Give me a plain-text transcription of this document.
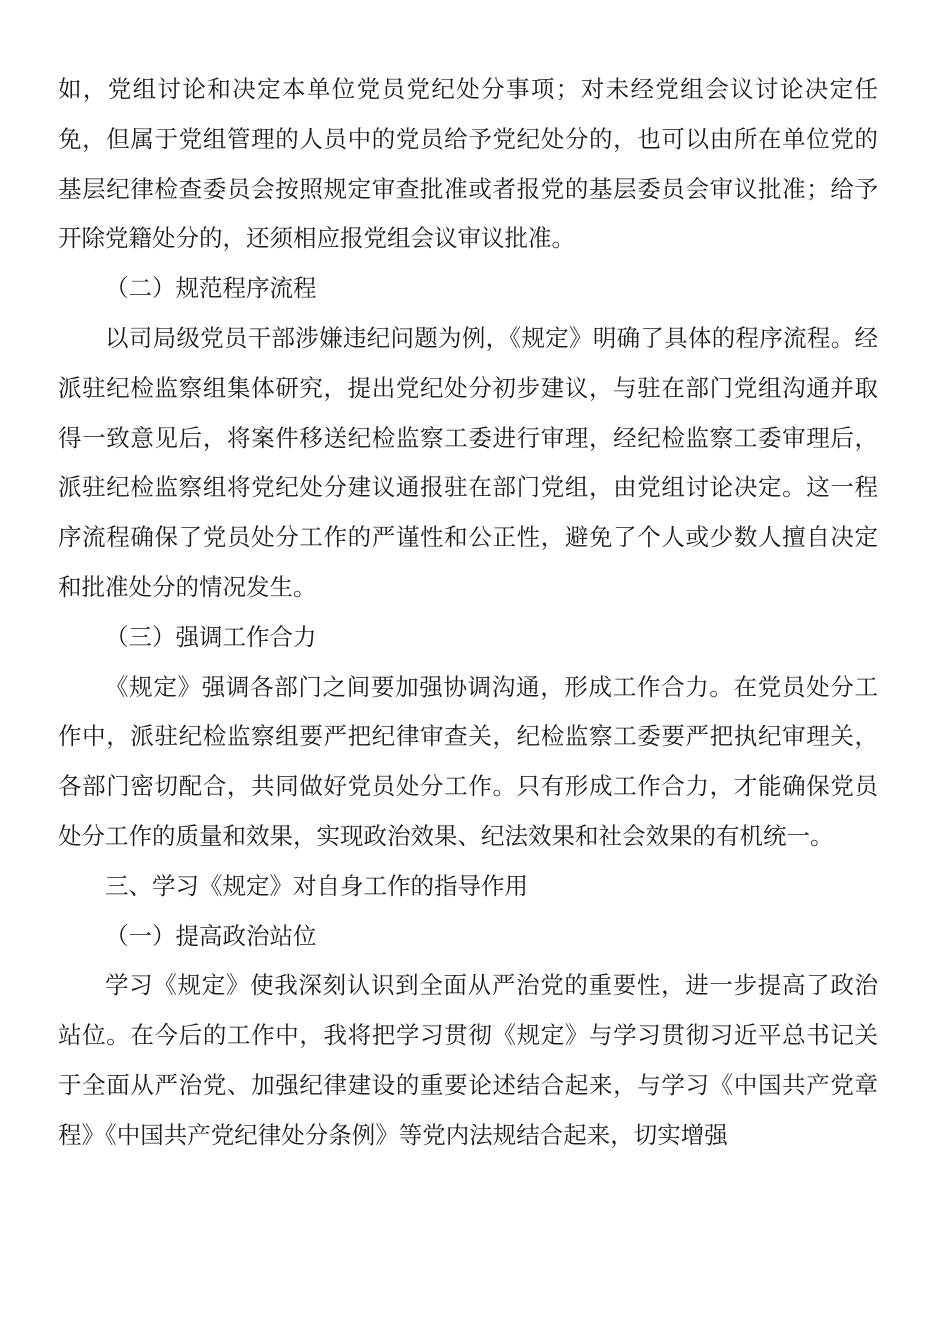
如，党组讨论和决定本单位党员党纪处分事项；对未经党组会议讨论决定任免，但属于党组管理的人员中的党员给予党纪处分的，也可以由所在单位党的基层纪律检查委员会按照规定审查批准或者报党的基层委员会审议批准；给予开除党籍处分的，还须相应报党组会议审议批准。

（二）规范程序流程

以司局级党员干部涉嫌违纪问题为例，《规定》明确了具体的程序流程。经派驻纪检监察组集体研究，提出党纪处分初步建议，与驻在部门党组沟通并取得一致意见后，将案件移送纪检监察工委进行审理，经纪检监察工委审理后，派驻纪检监察组将党纪处分建议通报驻在部门党组，由党组讨论决定。这一程序流程确保了党员处分工作的严谨性和公正性，避免了个人或少数人擅自决定和批准处分的情况发生。

（三）强调工作合力

《规定》强调各部门之间要加强协调沟通，形成工作合力。在党员处分工作中，派驻纪检监察组要严把纪律审查关，纪检监察工委要严把执纪审理关，各部门密切配合，共同做好党员处分工作。只有形成工作合力，才能确保党员处分工作的质量和效果，实现政治效果、纪法效果和社会效果的有机统一。

三、学习《规定》对自身工作的指导作用

（一）提高政治站位

学习《规定》使我深刻认识到全面从严治党的重要性，进一步提高了政治站位。在今后的工作中，我将把学习贯彻《规定》与学习贯彻习近平总书记关于全面从严治党、加强纪律建设的重要论述结合起来，与学习《中国共产党章程》《中国共产党纪律处分条例》等党内法规结合起来，切实增强
